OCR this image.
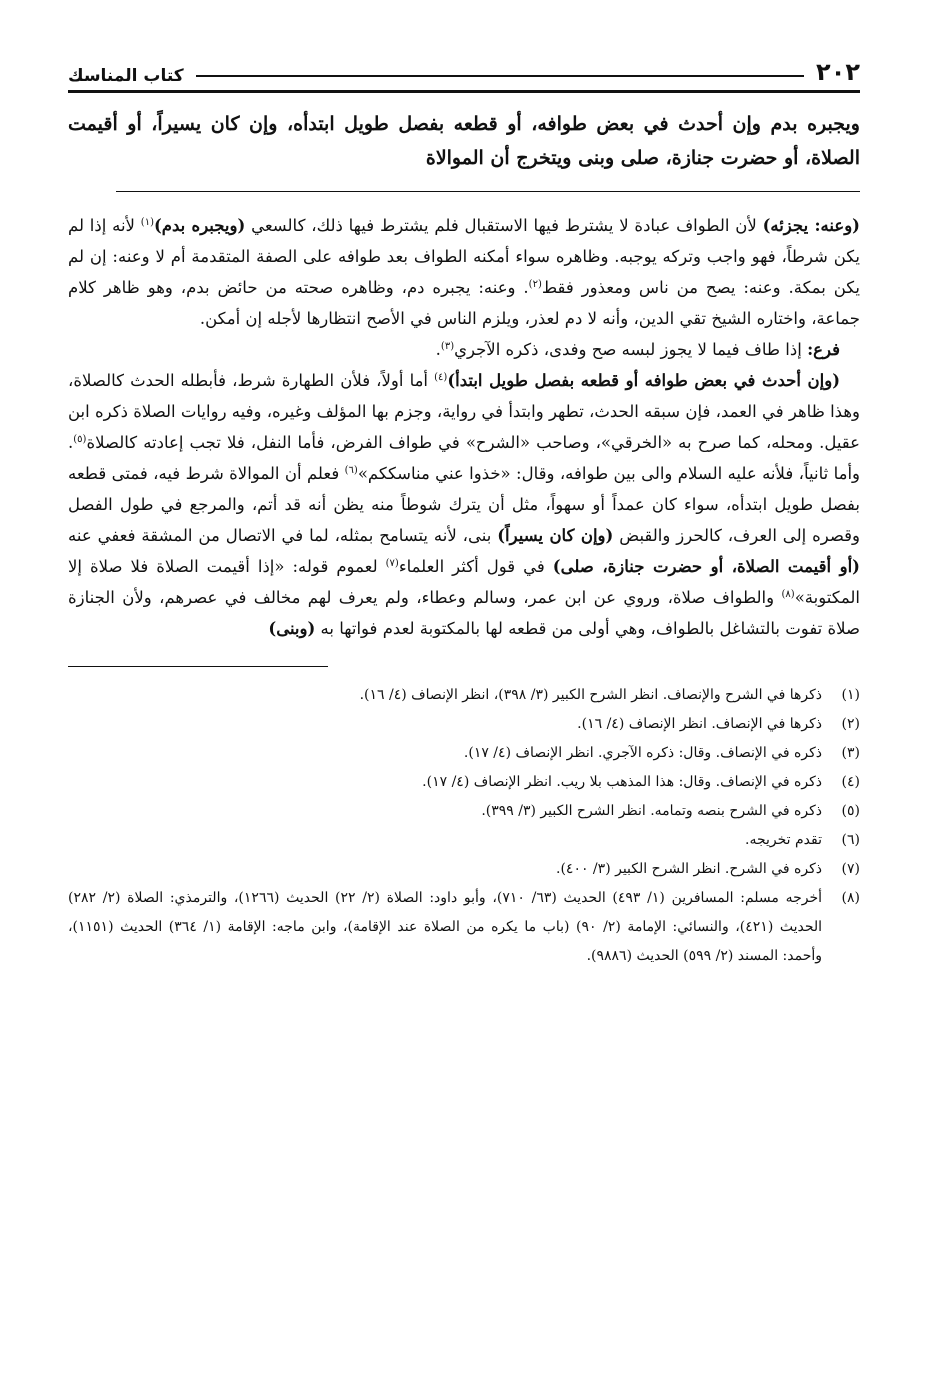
٢٠٢
كتاب المناسك

ويجبره بدم وإن أحدث في بعض طوافه، أو قطعه بفصل طويل ابتدأه، وإن كان يسيراً، أو أقيمت الصلاة، أو حضرت جنازة، صلى وبنى ويتخرج أن الموالاة

(وعنه: يجزئه) لأن الطواف عبادة لا يشترط فيها الاستقبال فلم يشترط فيها ذلك، كالسعي (ويجبره بدم)$^{(١)}$ لأنه إذا لم يكن شرطاً، فهو واجب وتركه يوجبه. وظاهره سواء أمكنه الطواف بعد طوافه على الصفة المتقدمة أم لا وعنه: إن لم يكن بمكة. وعنه: يصح من ناس ومعذور فقط$^{(٢)}$. وعنه: يجبره دم، وظاهره صحته من حائض بدم، وهو ظاهر كلام جماعة، واختاره الشيخ تقي الدين، وأنه لا دم لعذر، ويلزم الناس في الأصح انتظارها لأجله إن أمكن.

فرع: إذا طاف فيما لا يجوز لبسه صح وفدى، ذكره الآجري$^{(٣)}$.

(وإن أحدث في بعض طوافه أو قطعه بفصل طويل ابتدأ)$^{(٤)}$ أما أولاً، فلأن الطهارة شرط، فأبطله الحدث كالصلاة، وهذا ظاهر في العمد، فإن سبقه الحدث، تطهر وابتدأ في رواية، وجزم بها المؤلف وغيره، وفيه روايات الصلاة ذكره ابن عقيل. ومحله، كما صرح به «الخرقي»، وصاحب «الشرح» في طواف الفرض، فأما النفل، فلا تجب إعادته كالصلاة$^{(٥)}$. وأما ثانياً، فلأنه عليه السلام والى بين طوافه، وقال: «خذوا عني مناسككم»$^{(٦)}$ فعلم أن الموالاة شرط فيه، فمتى قطعه بفصل طويل ابتدأه، سواء كان عمداً أو سهواً، مثل أن يترك شوطاً منه يظن أنه قد أتم، والمرجع في طول الفصل وقصره إلى العرف، كالحرز والقبض (وإن كان يسيراً) بنى، لأنه يتسامح بمثله، لما في الاتصال من المشقة فعفي عنه (أو أقيمت الصلاة، أو حضرت جنازة، صلى) في قول أكثر العلماء$^{(٧)}$ لعموم قوله: «إذا أقيمت الصلاة فلا صلاة إلا المكتوبة»$^{(٨)}$ والطواف صلاة، وروي عن ابن عمر، وسالم وعطاء، ولم يعرف لهم مخالف في عصرهم، ولأن الجنازة صلاة تفوت بالتشاغل بالطواف، وهي أولى من قطعه لها بالمكتوبة لعدم فواتها به (وبنى)

(١)
ذكرها في الشرح والإنصاف. انظر الشرح الكبير (٣/ ٣٩٨)، انظر الإنصاف (٤/ ١٦).
(٢)
ذكرها في الإنصاف. انظر الإنصاف (٤/ ١٦).
(٣)
ذكره في الإنصاف. وقال: ذكره الآجري. انظر الإنصاف (٤/ ١٧).
(٤)
ذكره في الإنصاف. وقال: هذا المذهب بلا ريب. انظر الإنصاف (٤/ ١٧).
(٥)
ذكره في الشرح بنصه وتمامه. انظر الشرح الكبير (٣/ ٣٩٩).
(٦)
تقدم تخريجه.
(٧)
ذكره في الشرح. انظر الشرح الكبير (٣/ ٤٠٠).
(٨)
أخرجه مسلم: المسافرين (١/ ٤٩٣) الحديث (٦٣/ ٧١٠)، وأبو داود: الصلاة (٢/ ٢٢) الحديث (١٢٦٦)، والترمذي: الصلاة (٢/ ٢٨٢) الحديث (٤٢١)، والنسائي: الإمامة (٢/ ٩٠) (باب ما يكره من الصلاة عند الإقامة)، وابن ماجه: الإقامة (١/ ٣٦٤) الحديث (١١٥١)، وأحمد: المسند (٢/ ٥٩٩) الحديث (٩٨٨٦).
